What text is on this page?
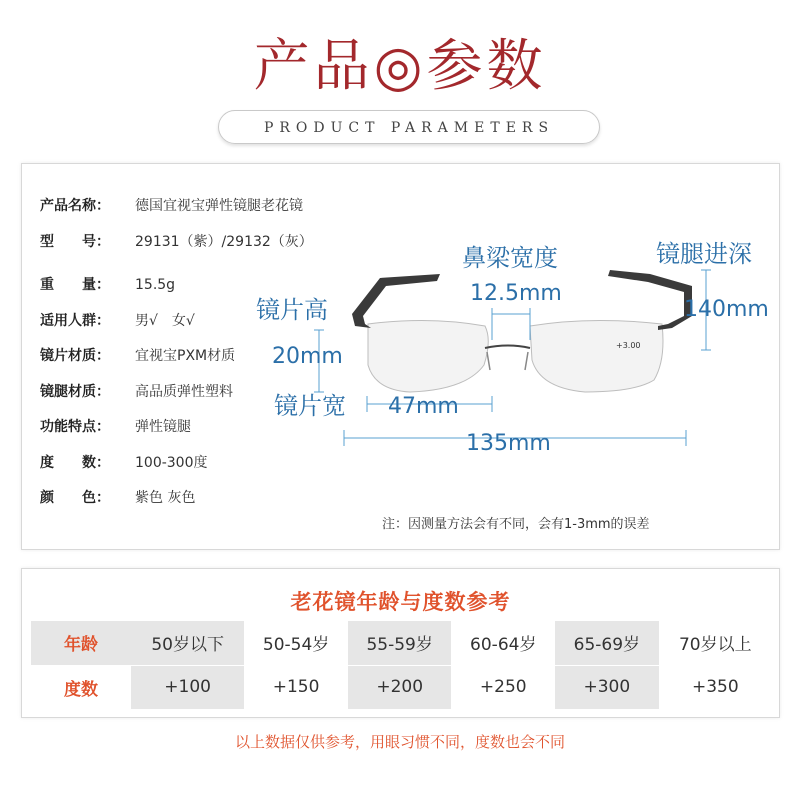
产品◎参数
PRODUCT PARAMETERS
产品名称： 德国宜视宝弹性镜腿老花镜
型　　号： 29131（紫）/29132（灰）
重　　量： 15.5g
适用人群： 男√　女√
镜片材质： 宜视宝PXM材质
镜腿材质： 高品质弹性塑料
功能特点： 弹性镜腿
度　　数： 100-300度
颜　　色： 紫色 灰色
+3.00
镜片高
20mm
镜片宽 47mm
鼻梁宽度
12.5mm
镜腿进深
140mm
135mm
注：因测量方法会有不同，会有1-3mm的误差
老花镜年龄与度数参考
年龄	50岁以下	50-54岁	55-59岁	60-64岁	65-69岁	70岁以上
度数	+100	+150	+200	+250	+300	+350
以上数据仅供参考，用眼习惯不同，度数也会不同
